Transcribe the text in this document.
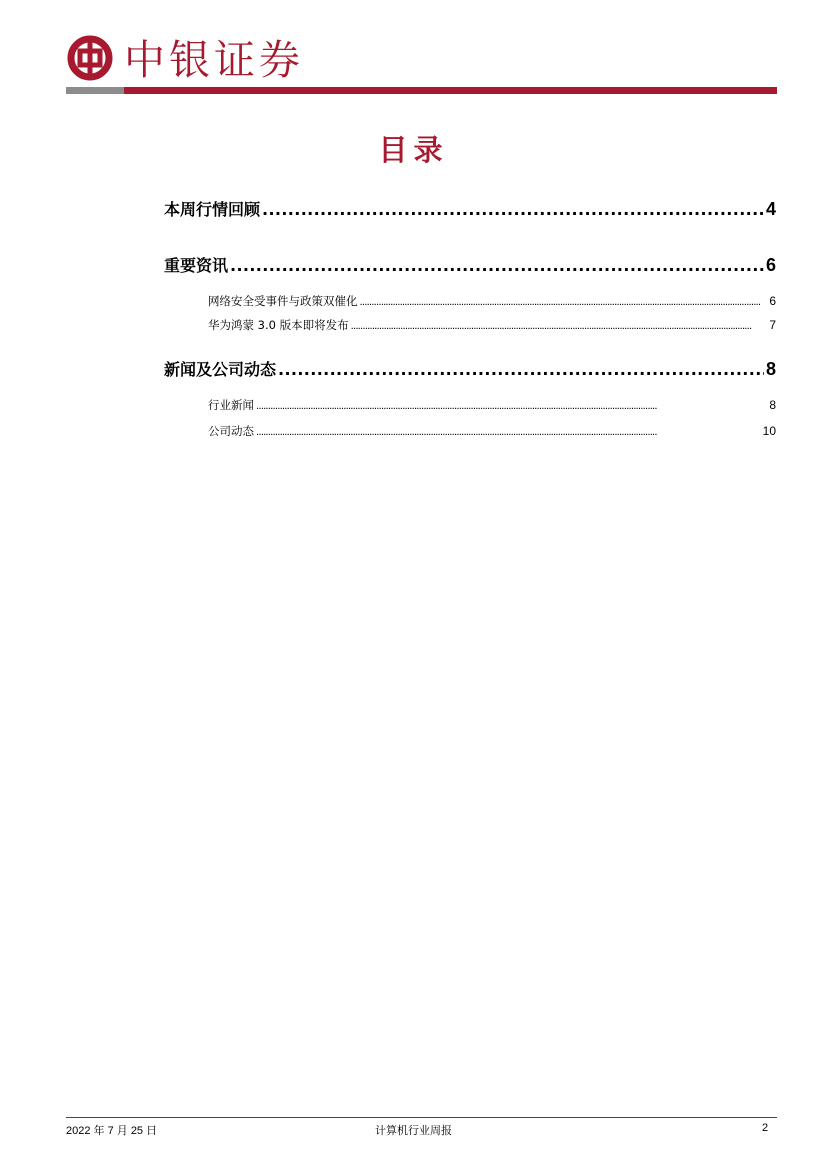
中银证券
目录
本周行情回顾 . . .	4
重要资讯 . . .	6
网络安全受事件与政策双催化 . . .	6
华为鸿蒙 3.0 版本即将发布 . . .	7
新闻及公司动态 . . .	8
行业新闻 . . .	8
公司动态 . . .	10
2022 年 7 月 25 日	计算机行业周报	2
